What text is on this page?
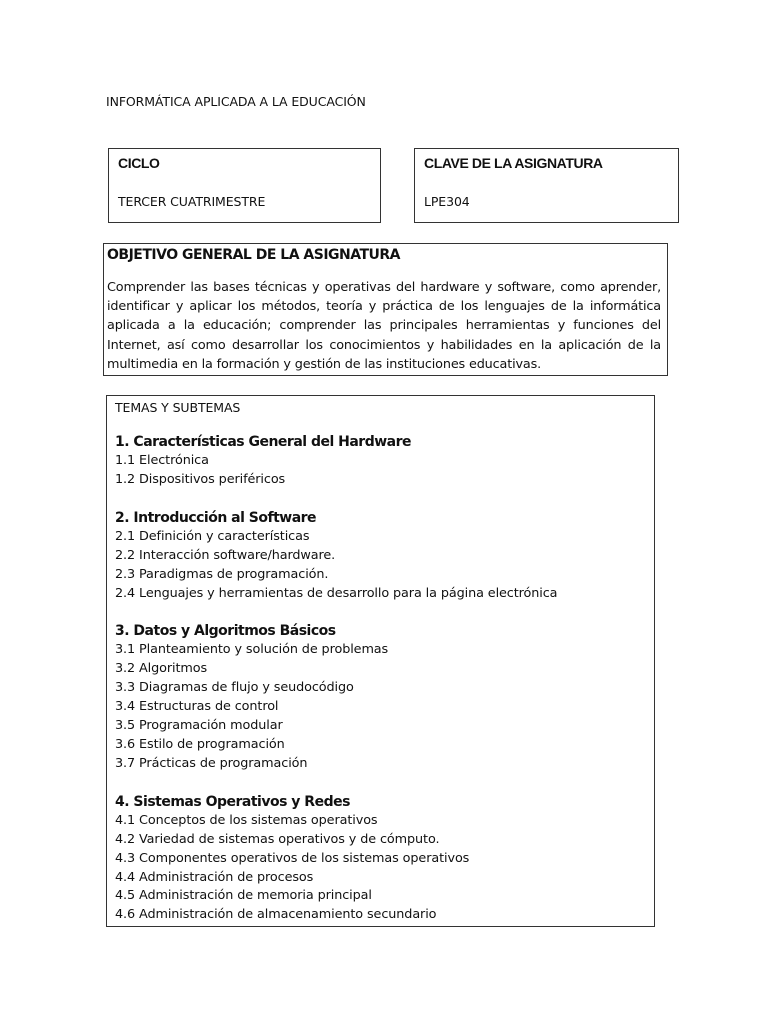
INFORMÁTICA APLICADA A LA EDUCACIÓN
CICLO
TERCER CUATRIMESTRE
CLAVE DE LA ASIGNATURA
LPE304
OBJETIVO GENERAL DE LA ASIGNATURA
Comprender las bases técnicas y operativas del hardware y software, como aprender, identificar y aplicar los métodos, teoría y práctica de los lenguajes de la informática aplicada a la educación; comprender las principales herramientas y funciones del Internet, así como desarrollar los conocimientos y habilidades en la aplicación de la multimedia en la formación y gestión de las instituciones educativas.
TEMAS Y SUBTEMAS
1. Características General del Hardware
1.1 Electrónica
1.2 Dispositivos periféricos
2. Introducción al Software
2.1 Definición y características
2.2 Interacción software/hardware.
2.3 Paradigmas de programación.
2.4 Lenguajes y herramientas de desarrollo para la página electrónica
3. Datos y Algoritmos Básicos
3.1 Planteamiento y solución de problemas
3.2 Algoritmos
3.3 Diagramas de flujo y seudocódigo
3.4 Estructuras de control
3.5 Programación modular
3.6 Estilo de programación
3.7 Prácticas de programación
4. Sistemas Operativos y Redes
4.1 Conceptos de los sistemas operativos
4.2 Variedad de sistemas operativos y de cómputo.
4.3 Componentes operativos de los sistemas operativos
4.4 Administración de procesos
4.5 Administración de memoria principal
4.6 Administración de almacenamiento secundario
